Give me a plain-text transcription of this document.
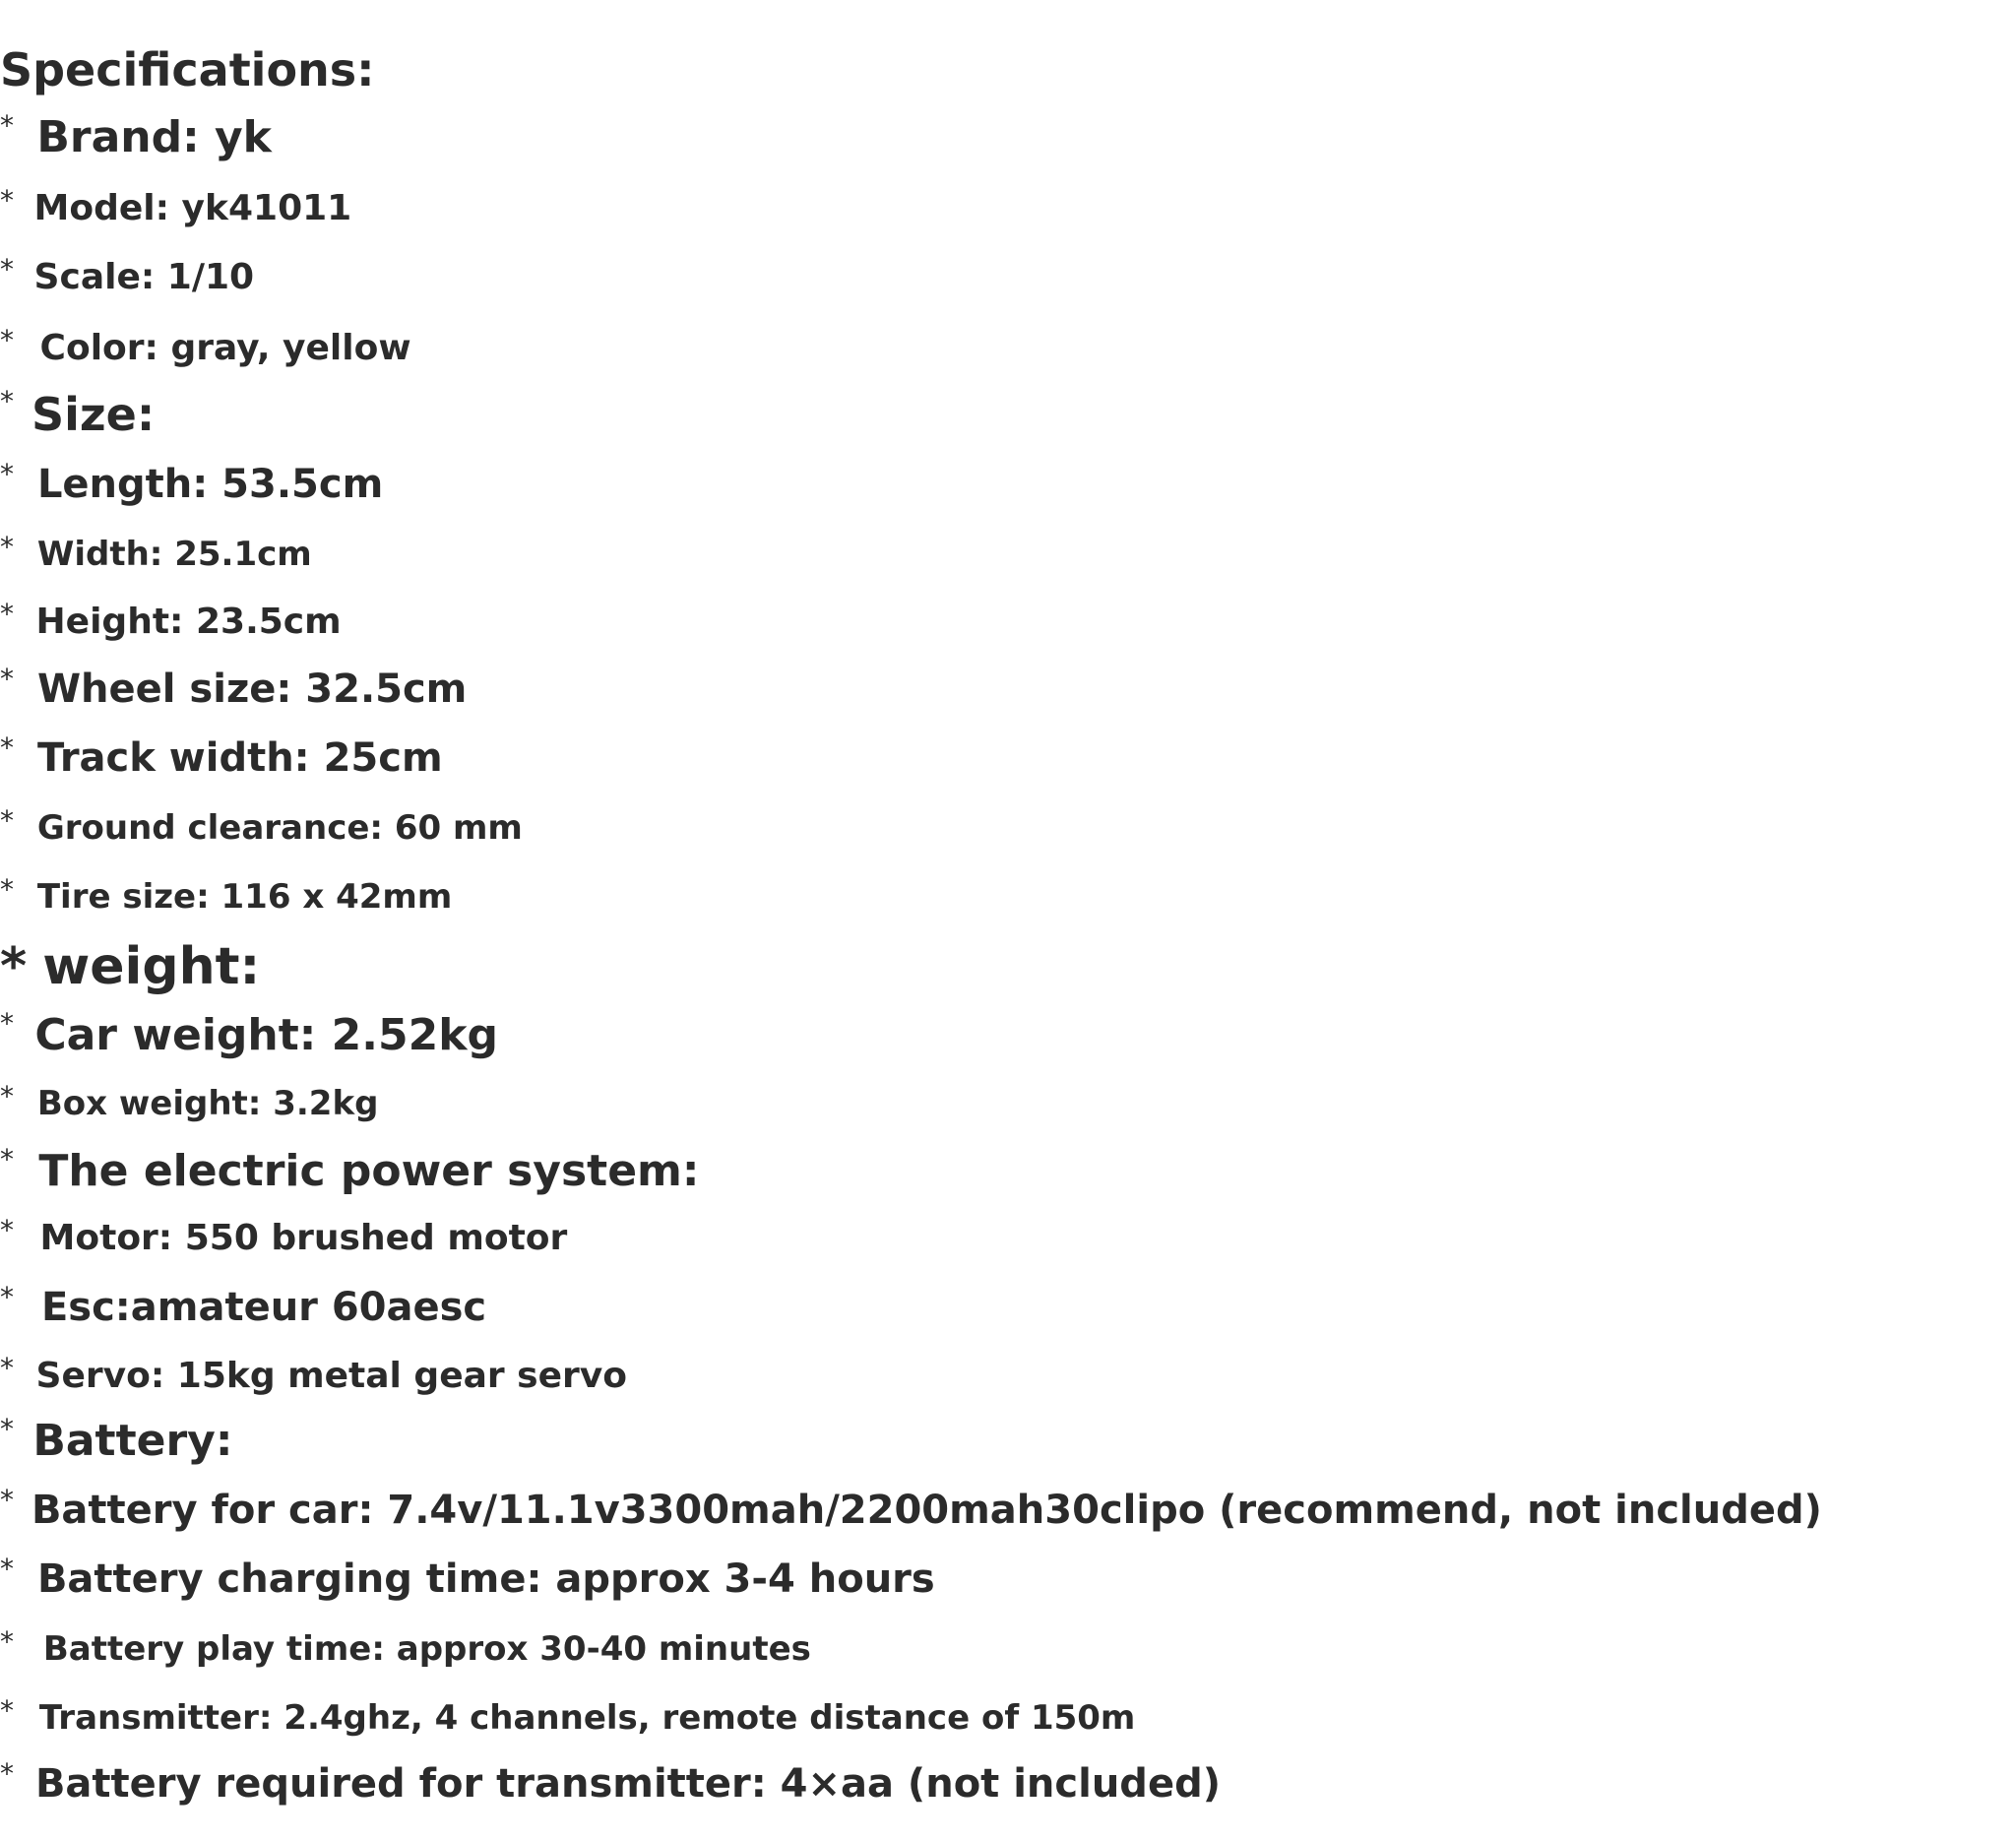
Specifications:
* Brand: yk
* Model: yk41011
* Scale: 1/10
* Color: gray, yellow
* Size:
* Length: 53.5cm
* Width: 25.1cm
* Height: 23.5cm
* Wheel size: 32.5cm
* Track width: 25cm
* Ground clearance: 60 mm
* Tire size: 116 x 42mm
* weight:
* Car weight: 2.52kg
* Box weight: 3.2kg
* The electric power system:
* Motor: 550 brushed motor
* Esc:amateur 60aesc
* Servo: 15kg metal gear servo
* Battery:
* Battery for car: 7.4v/11.1v3300mah/2200mah30clipo (recommend, not included)
* Battery charging time: approx 3-4 hours
* Battery play time: approx 30-40 minutes
* Transmitter: 2.4ghz, 4 channels, remote distance of 150m
* Battery required for transmitter: 4×aa (not included)
